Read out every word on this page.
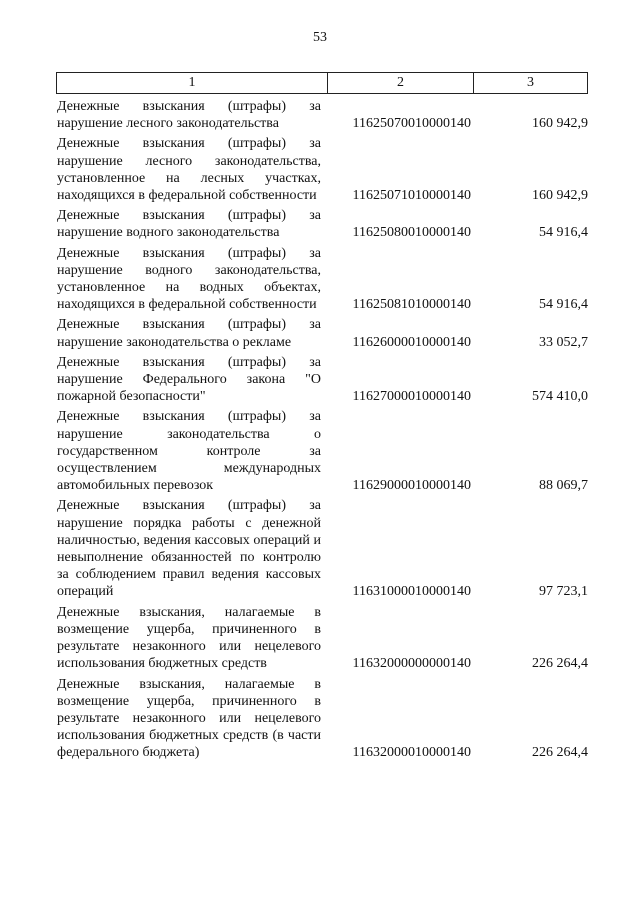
53
1	2	3
Денежные взыскания (штрафы) за нарушение лесного законодательства	11625070010000140	160 942,9
Денежные взыскания (штрафы) за нарушение лесного законодательства, установленное на лесных участках, находящихся в федеральной собственности	11625071010000140	160 942,9
Денежные взыскания (штрафы) за нарушение водного законодательства	11625080010000140	54 916,4
Денежные взыскания (штрафы) за нарушение водного законодательства, установленное на водных объектах, находящихся в федеральной собственности	11625081010000140	54 916,4
Денежные взыскания (штрафы) за нарушение законодательства о рекламе	11626000010000140	33 052,7
Денежные взыскания (штрафы) за нарушение Федерального закона "О пожарной безопасности"	11627000010000140	574 410,0
Денежные взыскания (штрафы) за нарушение законодательства о государственном контроле за осуществлением международных автомобильных перевозок	11629000010000140	88 069,7
Денежные взыскания (штрафы) за нарушение порядка работы с денежной наличностью, ведения кассовых операций и невыполнение обязанностей по контролю за соблюдением правил ведения кассовых операций	11631000010000140	97 723,1
Денежные взыскания, налагаемые в возмещение ущерба, причиненного в результате незаконного или нецелевого использования бюджетных средств	11632000000000140	226 264,4
Денежные взыскания, налагаемые в возмещение ущерба, причиненного в результате незаконного или нецелевого использования бюджетных средств (в части федерального бюджета)	11632000010000140	226 264,4
